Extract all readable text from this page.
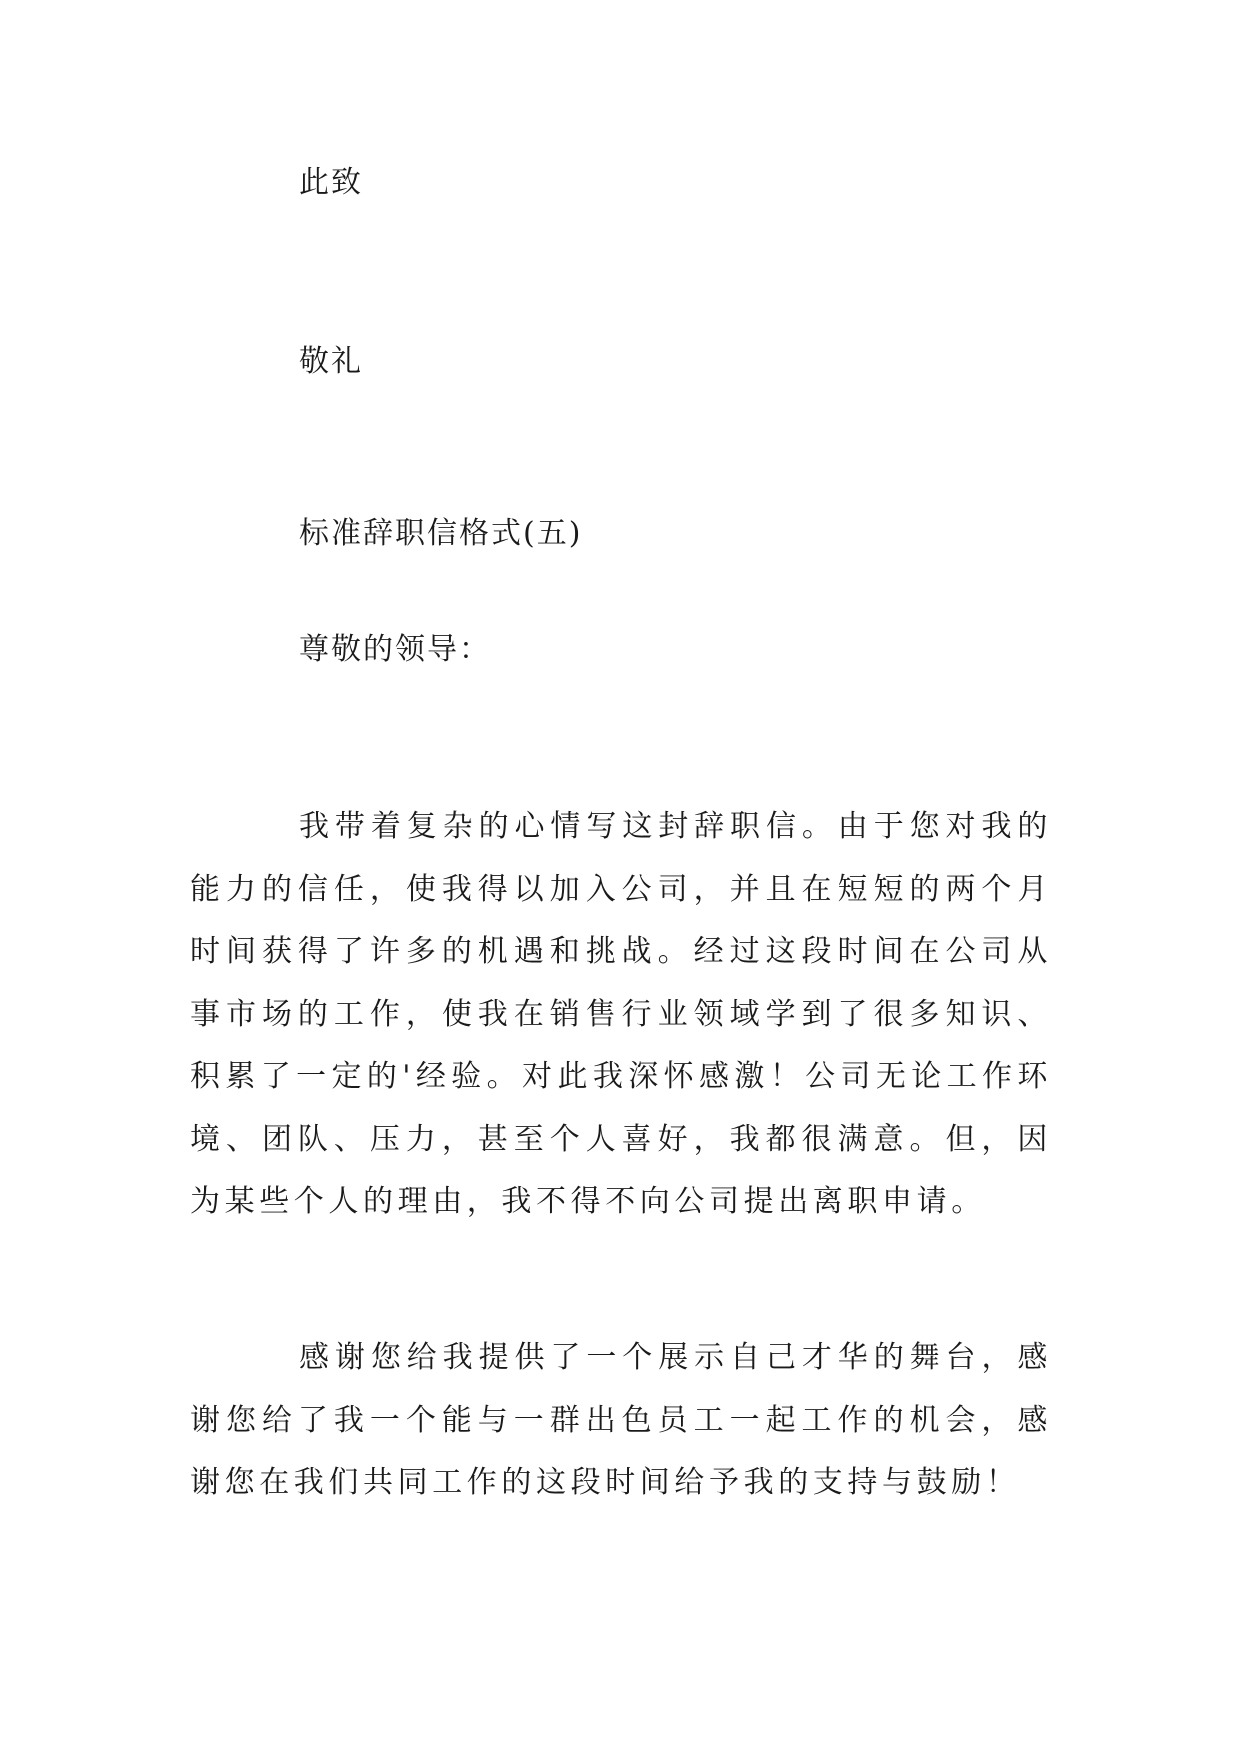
此致
敬礼
标准辞职信格式(五)
尊敬的领导：
我带着复杂的心情写这封辞职信。由于您对我的能力的信任，使我得以加入公司，并且在短短的两个月时间获得了许多的机遇和挑战。经过这段时间在公司从事市场的工作，使我在销售行业领域学到了很多知识、积累了一定的'经验。对此我深怀感激！公司无论工作环境、团队、压力，甚至个人喜好，我都很满意。但，因为某些个人的理由，我不得不向公司提出离职申请。
感谢您给我提供了一个展示自己才华的舞台，感谢您给了我一个能与一群出色员工一起工作的机会，感谢您在我们共同工作的这段时间给予我的支持与鼓励！
